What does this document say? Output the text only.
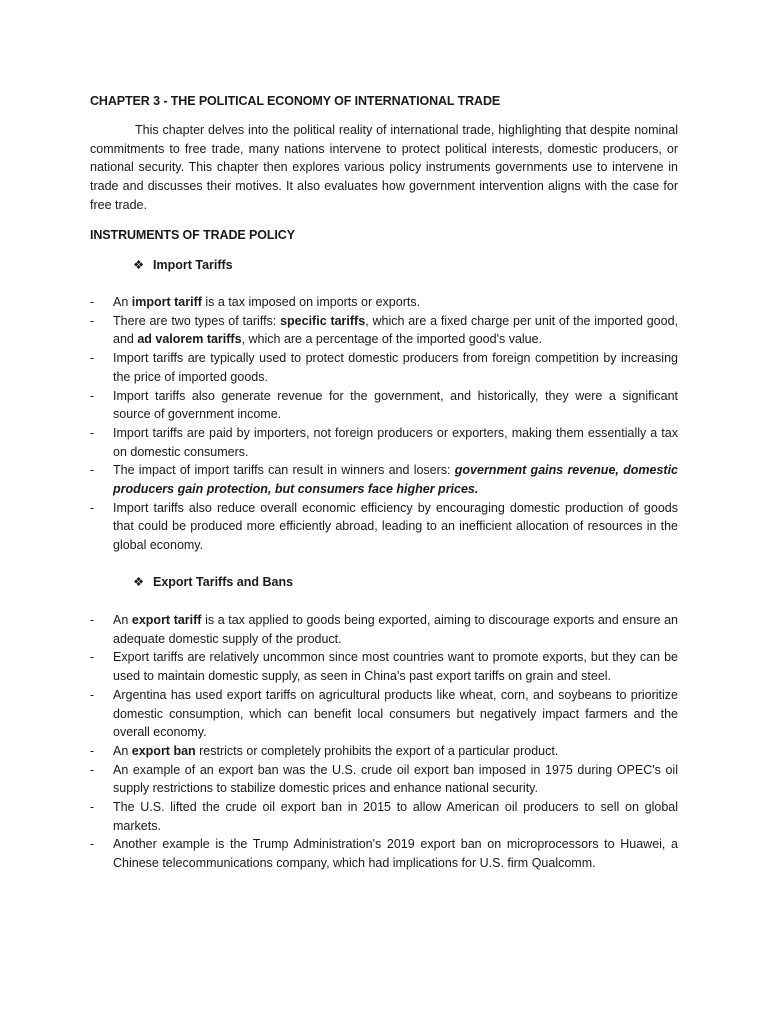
CHAPTER 3 - THE POLITICAL ECONOMY OF INTERNATIONAL TRADE

This chapter delves into the political reality of international trade, highlighting that despite nominal commitments to free trade, many nations intervene to protect political interests, domestic producers, or national security. This chapter then explores various policy instruments governments use to intervene in trade and discusses their motives. It also evaluates how government intervention aligns with the case for free trade.

INSTRUMENTS OF TRADE POLICY
❖ Import Tariffs
- An import tariff is a tax imposed on imports or exports.
- There are two types of tariffs: specific tariffs, which are a fixed charge per unit of the imported good, and ad valorem tariffs, which are a percentage of the imported good's value.
- Import tariffs are typically used to protect domestic producers from foreign competition by increasing the price of imported goods.
- Import tariffs also generate revenue for the government, and historically, they were a significant source of government income.
- Import tariffs are paid by importers, not foreign producers or exporters, making them essentially a tax on domestic consumers.
- The impact of import tariffs can result in winners and losers: government gains revenue, domestic producers gain protection, but consumers face higher prices.
- Import tariffs also reduce overall economic efficiency by encouraging domestic production of goods that could be produced more efficiently abroad, leading to an inefficient allocation of resources in the global economy.
❖ Export Tariffs and Bans
- An export tariff is a tax applied to goods being exported, aiming to discourage exports and ensure an adequate domestic supply of the product.
- Export tariffs are relatively uncommon since most countries want to promote exports, but they can be used to maintain domestic supply, as seen in China's past export tariffs on grain and steel.
- Argentina has used export tariffs on agricultural products like wheat, corn, and soybeans to prioritize domestic consumption, which can benefit local consumers but negatively impact farmers and the overall economy.
- An export ban restricts or completely prohibits the export of a particular product.
- An example of an export ban was the U.S. crude oil export ban imposed in 1975 during OPEC's oil supply restrictions to stabilize domestic prices and enhance national security.
- The U.S. lifted the crude oil export ban in 2015 to allow American oil producers to sell on global markets.
- Another example is the Trump Administration's 2019 export ban on microprocessors to Huawei, a Chinese telecommunications company, which had implications for U.S. firm Qualcomm.
